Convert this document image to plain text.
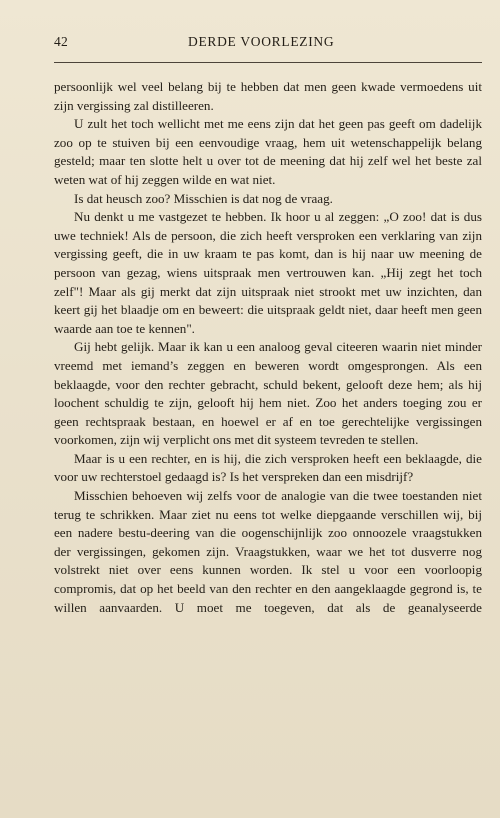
42	DERDE VOORLEZING

persoonlijk wel veel belang bij te hebben dat men geen kwade vermoedens uit zijn vergissing zal distilleeren.

U zult het toch wellicht met me eens zijn dat het geen pas geeft om dadelijk zoo op te stuiven bij een eenvoudige vraag, hem uit wetenschappelijk belang gesteld; maar ten slotte helt u over tot de meening dat hij zelf wel het beste zal weten wat of hij zeggen wilde en wat niet.

Is dat heusch zoo? Misschien is dat nog de vraag.

Nu denkt u me vastgezet te hebben. Ik hoor u al zeggen: „O zoo! dat is dus uwe techniek! Als de persoon, die zich heeft versproken een verklaring van zijn vergissing geeft, die in uw kraam te pas komt, dan is hij naar uw meening de persoon van gezag, wiens uitspraak men vertrouwen kan. „Hij zegt het toch zelf"! Maar als gij merkt dat zijn uitspraak niet strookt met uw inzichten, dan keert gij het blaadje om en beweert: die uitspraak geldt niet, daar heeft men geen waarde aan toe te kennen".

Gij hebt gelijk. Maar ik kan u een analoog geval citeeren waarin niet minder vreemd met iemand’s zeggen en beweren wordt omgesprongen. Als een beklaagde, voor den rechter gebracht, schuld bekent, gelooft deze hem; als hij loochent schuldig te zijn, gelooft hij hem niet. Zoo het anders toeging zou er geen rechtspraak bestaan, en hoewel er af en toe gerechtelijke vergissingen voorkomen, zijn wij verplicht ons met dit systeem tevreden te stellen.

Maar is u een rechter, en is hij, die zich versproken heeft een beklaagde, die voor uw rechterstoel gedaagd is? Is het verspreken dan een misdrijf?

Misschien behoeven wij zelfs voor de analogie van die twee toestanden niet terug te schrikken. Maar ziet nu eens tot welke diepgaande verschillen wij, bij een nadere bestu-deering van die oogenschijnlijk zoo onnoozele vraagstukken der vergissingen, gekomen zijn. Vraagstukken, waar we het tot dusverre nog volstrekt niet over eens kunnen worden. Ik stel u voor een voorloopig compromis, dat op het beeld van den rechter en den aangeklaagde gegrond is, te willen aanvaarden. U moet me toegeven, dat als de geanalyseerde
